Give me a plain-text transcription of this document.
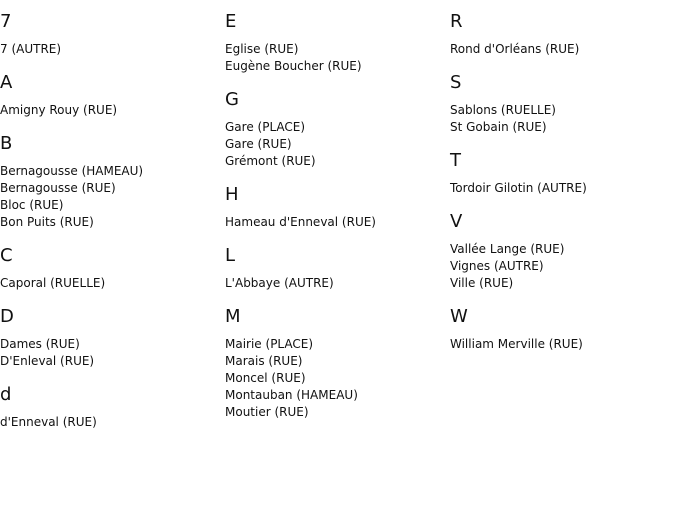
7
7 (AUTRE)
A
Amigny Rouy (RUE)
B
Bernagousse (HAMEAU)
Bernagousse (RUE)
Bloc (RUE)
Bon Puits (RUE)
C
Caporal (RUELLE)
D
Dames (RUE)
D'Enleval (RUE)
d
d'Enneval (RUE)
E
Eglise (RUE)
Eugène Boucher (RUE)
G
Gare (PLACE)
Gare (RUE)
Grémont (RUE)
H
Hameau d'Enneval (RUE)
L
L'Abbaye (AUTRE)
M
Mairie (PLACE)
Marais (RUE)
Moncel (RUE)
Montauban (HAMEAU)
Moutier (RUE)
R
Rond d'Orléans (RUE)
S
Sablons (RUELLE)
St Gobain (RUE)
T
Tordoir Gilotin (AUTRE)
V
Vallée Lange (RUE)
Vignes (AUTRE)
Ville (RUE)
W
William Merville (RUE)
